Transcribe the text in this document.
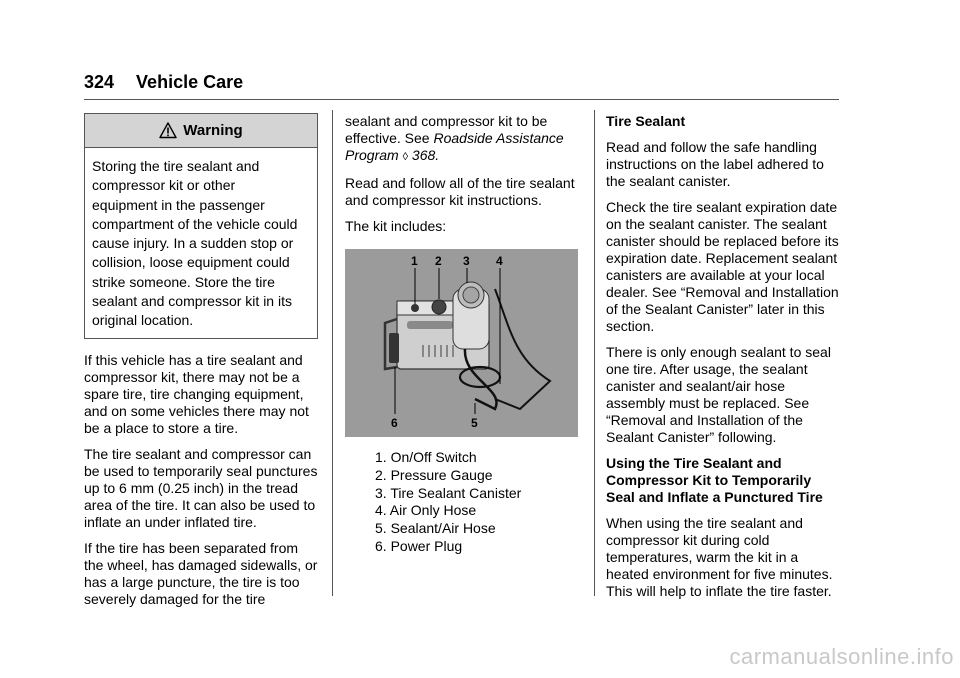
324 Vehicle Care
Warning
Storing the tire sealant and
compressor kit or other
equipment in the passenger
compartment of the vehicle could
cause injury. In a sudden stop or
collision, loose equipment could
strike someone. Store the tire
sealant and compressor kit in its
original location.

If this vehicle has a tire sealant and compressor kit, there may not be a spare tire, tire changing equipment, and on some vehicles there may not be a place to store a tire.

The tire sealant and compressor can be used to temporarily seal punctures up to 6 mm (0.25 inch) in the tread area of the tire. It can also be used to inflate an under inflated tire.

If the tire has been separated from the wheel, has damaged sidewalls, or has a large puncture, the tire is too severely damaged for the tire

sealant and compressor kit to be effective. See Roadside Assistance Program ◊ 368.

Read and follow all of the tire sealant and compressor kit instructions.

The kit includes:

1 2 3 4
5
6
1. On/Off Switch
2. Pressure Gauge
3. Tire Sealant Canister
4. Air Only Hose
5. Sealant/Air Hose
6. Power Plug

Tire Sealant

Read and follow the safe handling instructions on the label adhered to the sealant canister.

Check the tire sealant expiration date on the sealant canister. The sealant canister should be replaced before its expiration date. Replacement sealant canisters are available at your local dealer. See “Removal and Installation of the Sealant Canister” later in this section.

There is only enough sealant to seal one tire. After usage, the sealant canister and sealant/air hose assembly must be replaced. See “Removal and Installation of the Sealant Canister” following.

Using the Tire Sealant and Compressor Kit to Temporarily Seal and Inflate a Punctured Tire

When using the tire sealant and compressor kit during cold temperatures, warm the kit in a heated environment for five minutes. This will help to inflate the tire faster.

carmanualsonline.info
